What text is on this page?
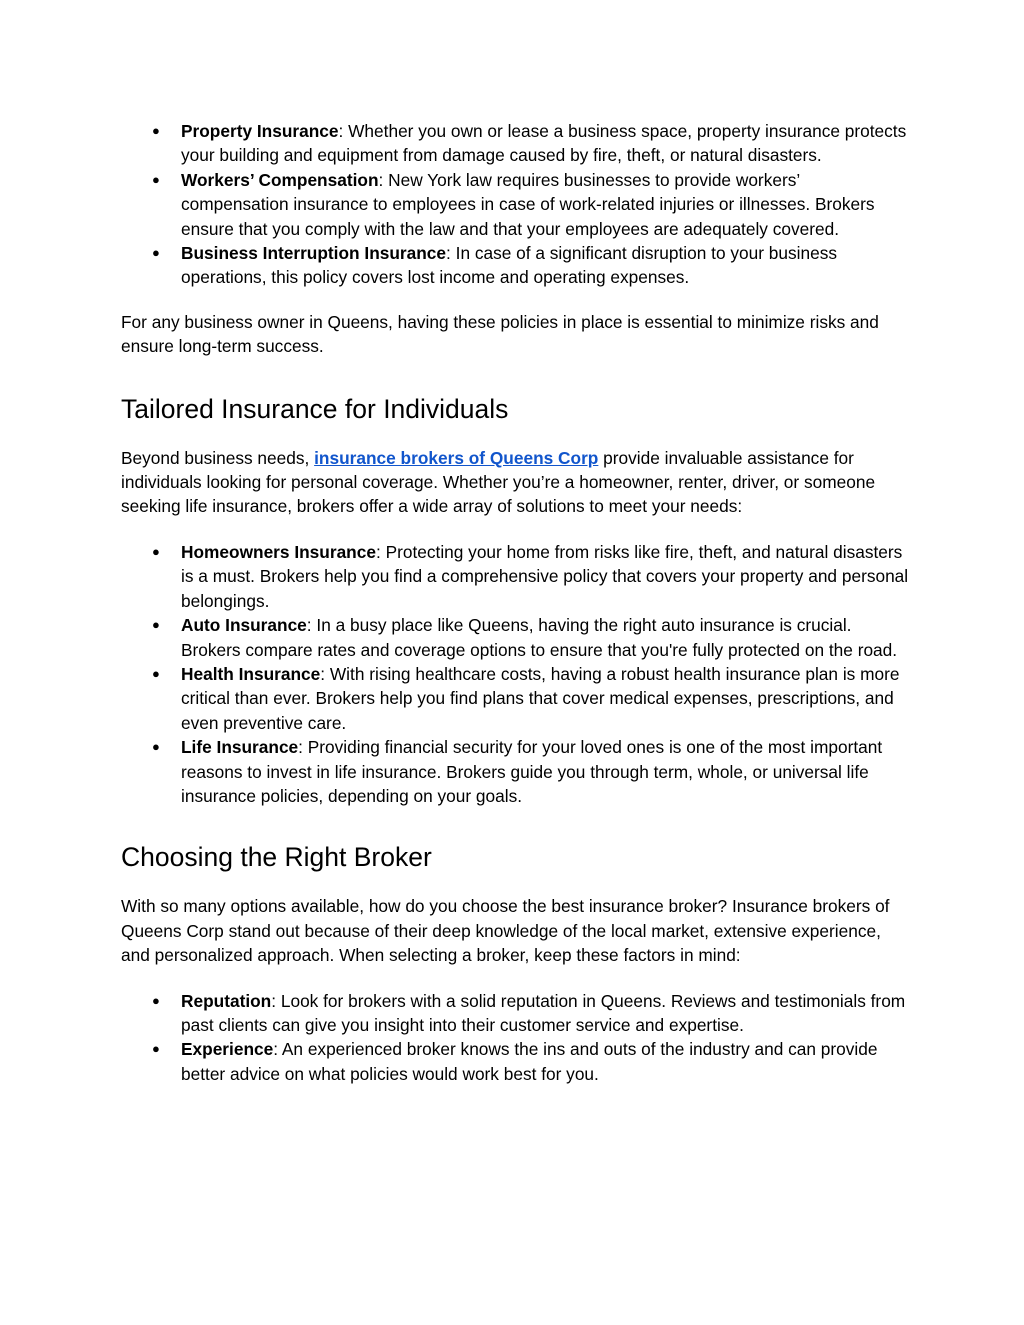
● Property Insurance: Whether you own or lease a business space, property insurance protects your building and equipment from damage caused by fire, theft, or natural disasters.
● Workers’ Compensation: New York law requires businesses to provide workers’ compensation insurance to employees in case of work-related injuries or illnesses. Brokers ensure that you comply with the law and that your employees are adequately covered.
● Business Interruption Insurance: In case of a significant disruption to your business operations, this policy covers lost income and operating expenses.

For any business owner in Queens, having these policies in place is essential to minimize risks and ensure long-term success.

Tailored Insurance for Individuals

Beyond business needs, insurance brokers of Queens Corp provide invaluable assistance for individuals looking for personal coverage. Whether you’re a homeowner, renter, driver, or someone seeking life insurance, brokers offer a wide array of solutions to meet your needs:

● Homeowners Insurance: Protecting your home from risks like fire, theft, and natural disasters is a must. Brokers help you find a comprehensive policy that covers your property and personal belongings.
● Auto Insurance: In a busy place like Queens, having the right auto insurance is crucial. Brokers compare rates and coverage options to ensure that you're fully protected on the road.
● Health Insurance: With rising healthcare costs, having a robust health insurance plan is more critical than ever. Brokers help you find plans that cover medical expenses, prescriptions, and even preventive care.
● Life Insurance: Providing financial security for your loved ones is one of the most important reasons to invest in life insurance. Brokers guide you through term, whole, or universal life insurance policies, depending on your goals.
Choosing the Right Broker

With so many options available, how do you choose the best insurance broker? Insurance brokers of Queens Corp stand out because of their deep knowledge of the local market, extensive experience, and personalized approach. When selecting a broker, keep these factors in mind:

● Reputation: Look for brokers with a solid reputation in Queens. Reviews and testimonials from past clients can give you insight into their customer service and expertise.
● Experience: An experienced broker knows the ins and outs of the industry and can provide better advice on what policies would work best for you.
